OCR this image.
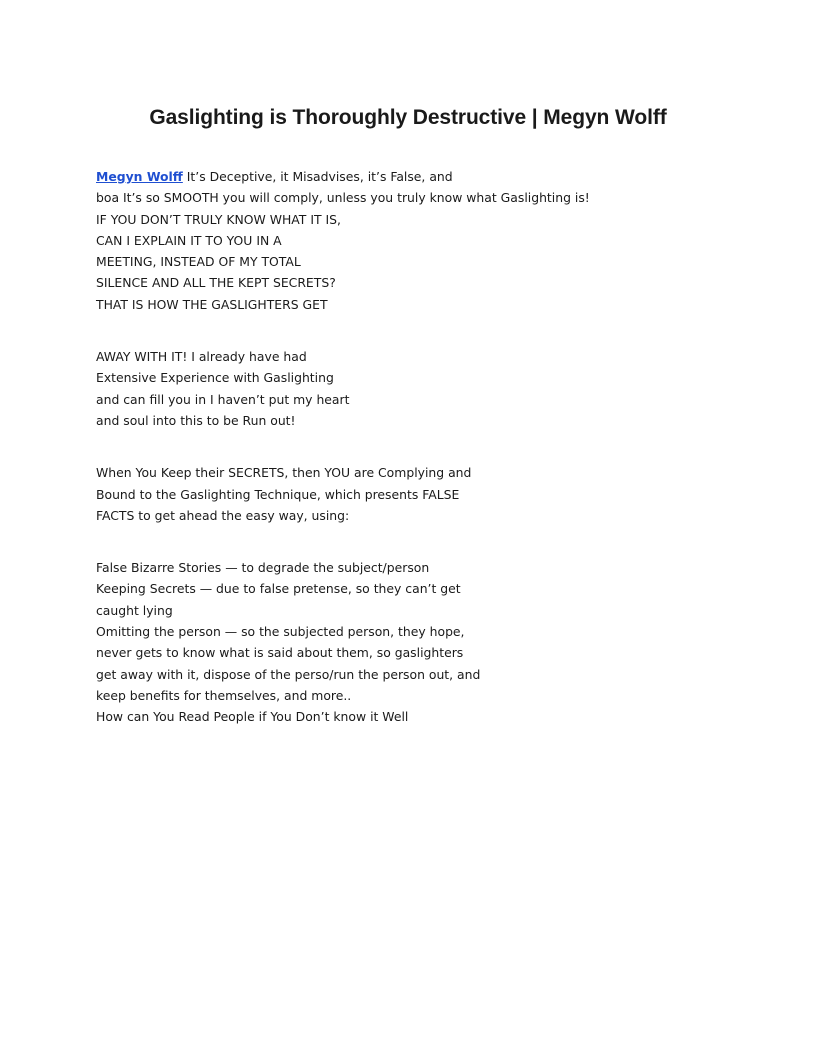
Gaslighting is Thoroughly Destructive | Megyn Wolff
Megyn Wolff It’s Deceptive, it Misadvises, it’s False, and
boa It’s so SMOOTH you will comply, unless you truly know what Gaslighting is!
IF YOU DON’T TRULY KNOW WHAT IT IS,
CAN I EXPLAIN IT TO YOU IN A
MEETING, INSTEAD OF MY TOTAL
SILENCE AND ALL THE KEPT SECRETS?
THAT IS HOW THE GASLIGHTERS GET
AWAY WITH IT! I already have had
Extensive Experience with Gaslighting
and can fill you in I haven’t put my heart
and soul into this to be Run out!
When You Keep their SECRETS, then YOU are Complying and
Bound to the Gaslighting Technique, which presents FALSE
FACTS to get ahead the easy way, using:
False Bizarre Stories — to degrade the subject/person
Keeping Secrets — due to false pretense, so they can’t get
caught lying
Omitting the person — so the subjected person, they hope,
never gets to know what is said about them, so gaslighters
get away with it, dispose of the perso/run the person out, and
keep benefits for themselves, and more..
How can You Read People if You Don’t know it Well
